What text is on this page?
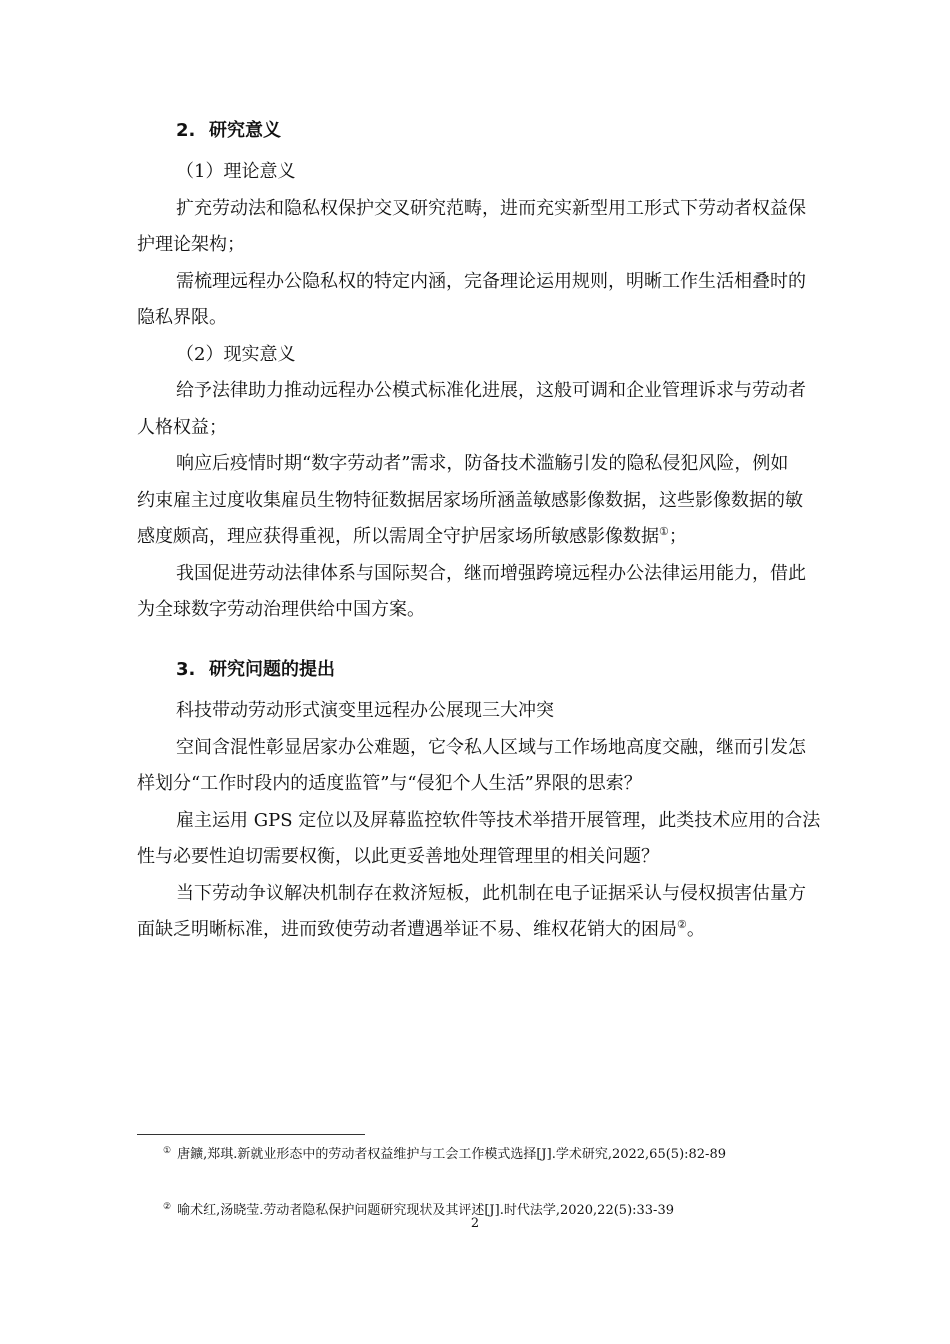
2. 研究意义
（1）理论意义
扩充劳动法和隐私权保护交叉研究范畴，进而充实新型用工形式下劳动者权益保
护理论架构；
需梳理远程办公隐私权的特定内涵，完备理论运用规则，明晰工作生活相叠时的
隐私界限。
（2）现实意义
给予法律助力推动远程办公模式标准化进展，这般可调和企业管理诉求与劳动者
人格权益；
响应后疫情时期“数字劳动者”需求，防备技术滥觞引发的隐私侵犯风险，例如
约束雇主过度收集雇员生物特征数据居家场所涵盖敏感影像数据，这些影像数据的敏
感度颇高，理应获得重视，所以需周全守护居家场所敏感影像数据①；
我国促进劳动法律体系与国际契合，继而增强跨境远程办公法律运用能力，借此
为全球数字劳动治理供给中国方案。
3. 研究问题的提出
科技带动劳动形式演变里远程办公展现三大冲突
空间含混性彰显居家办公难题，它令私人区域与工作场地高度交融，继而引发怎
样划分“工作时段内的适度监管”与“侵犯个人生活”界限的思索？
雇主运用 GPS 定位以及屏幕监控软件等技术举措开展管理，此类技术应用的合法
性与必要性迫切需要权衡，以此更妥善地处理管理里的相关问题？
当下劳动争议解决机制存在救济短板，此机制在电子证据采认与侵权损害估量方
面缺乏明晰标准，进而致使劳动者遭遇举证不易、维权花销大的困局②。
① 唐鑛,郑琪.新就业形态中的劳动者权益维护与工会工作模式选择[J].学术研究,2022,65(5):82-89
② 喻术红,汤晓莹.劳动者隐私保护问题研究现状及其评述[J].时代法学,2020,22(5):33-39
2
